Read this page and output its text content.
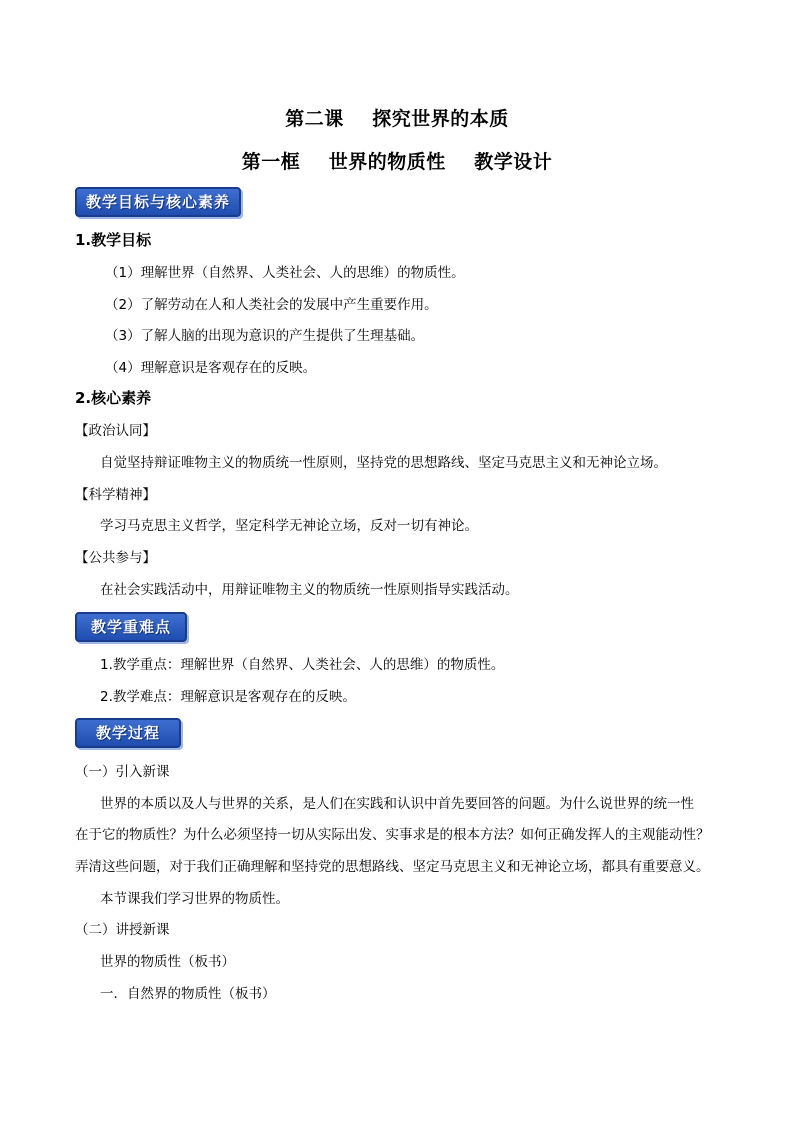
第二课    探究世界的本质
第一框    世界的物质性    教学设计
教学目标与核心素养
1.教学目标
（1）理解世界（自然界、人类社会、人的思维）的物质性。
（2）了解劳动在人和人类社会的发展中产生重要作用。
（3）了解人脑的出现为意识的产生提供了生理基础。
（4）理解意识是客观存在的反映。
2.核心素养
【政治认同】
自觉坚持辩证唯物主义的物质统一性原则，坚持党的思想路线、坚定马克思主义和无神论立场。
【科学精神】
学习马克思主义哲学，坚定科学无神论立场，反对一切有神论。
【公共参与】
在社会实践活动中，用辩证唯物主义的物质统一性原则指导实践活动。
教学重难点
1.教学重点：理解世界（自然界、人类社会、人的思维）的物质性。
2.教学难点：理解意识是客观存在的反映。
教学过程
（一）引入新课
世界的本质以及人与世界的关系，是人们在实践和认识中首先要回答的问题。为什么说世界的统一性
在于它的物质性？为什么必须坚持一切从实际出发、实事求是的根本方法？如何正确发挥人的主观能动性？
弄清这些问题，对于我们正确理解和坚持党的思想路线、坚定马克思主义和无神论立场，都具有重要意义。
本节课我们学习世界的物质性。
（二）讲授新课
世界的物质性（板书）
一．自然界的物质性（板书）
